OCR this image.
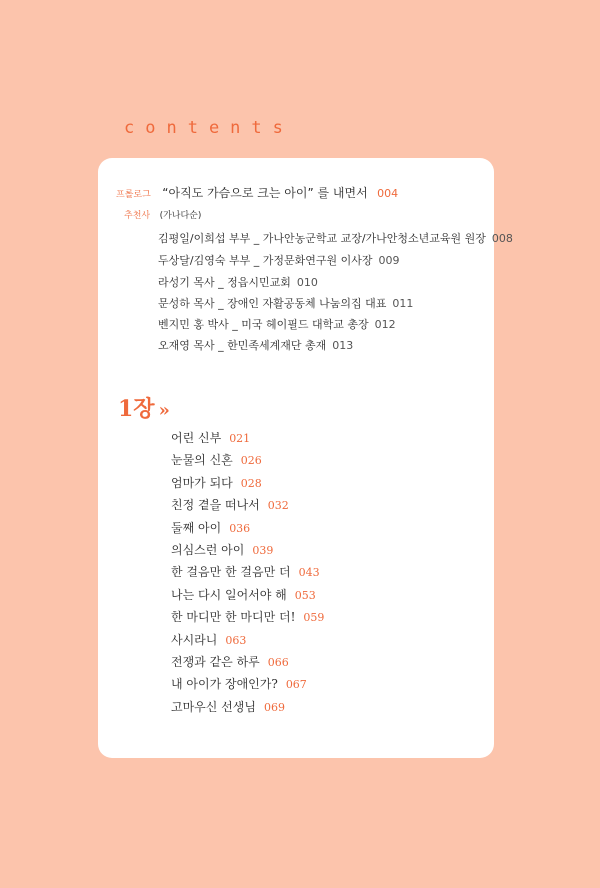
contents
프롤로그 “아직도 가슴으로 크는 아이” 를 내면서 004
추천사 (가나다순)
김평일/이희섭 부부 _ 가나안농군학교 교장/가나안청소년교육원 원장 008
두상달/김영숙 부부 _ 가정문화연구원 이사장 009
라성기 목사 _ 정읍시민교회 010
문성하 목사 _ 장애인 자활공동체 나눔의집 대표 011
벤지민 홍 박사 _ 미국 헤이필드 대학교 총장 012
오재영 목사 _ 한민족세계재단 총재 013
1장 »
어린 신부 021
눈물의 신혼 026
엄마가 되다 028
친정 곁을 떠나서 032
둘째 아이 036
의심스런 아이 039
한 걸음만 한 걸음만 더 043
나는 다시 일어서야 해 053
한 마디만 한 마디만 더! 059
사시라니 063
전쟁과 같은 하루 066
내 아이가 장애인가? 067
고마우신 선생님 069
